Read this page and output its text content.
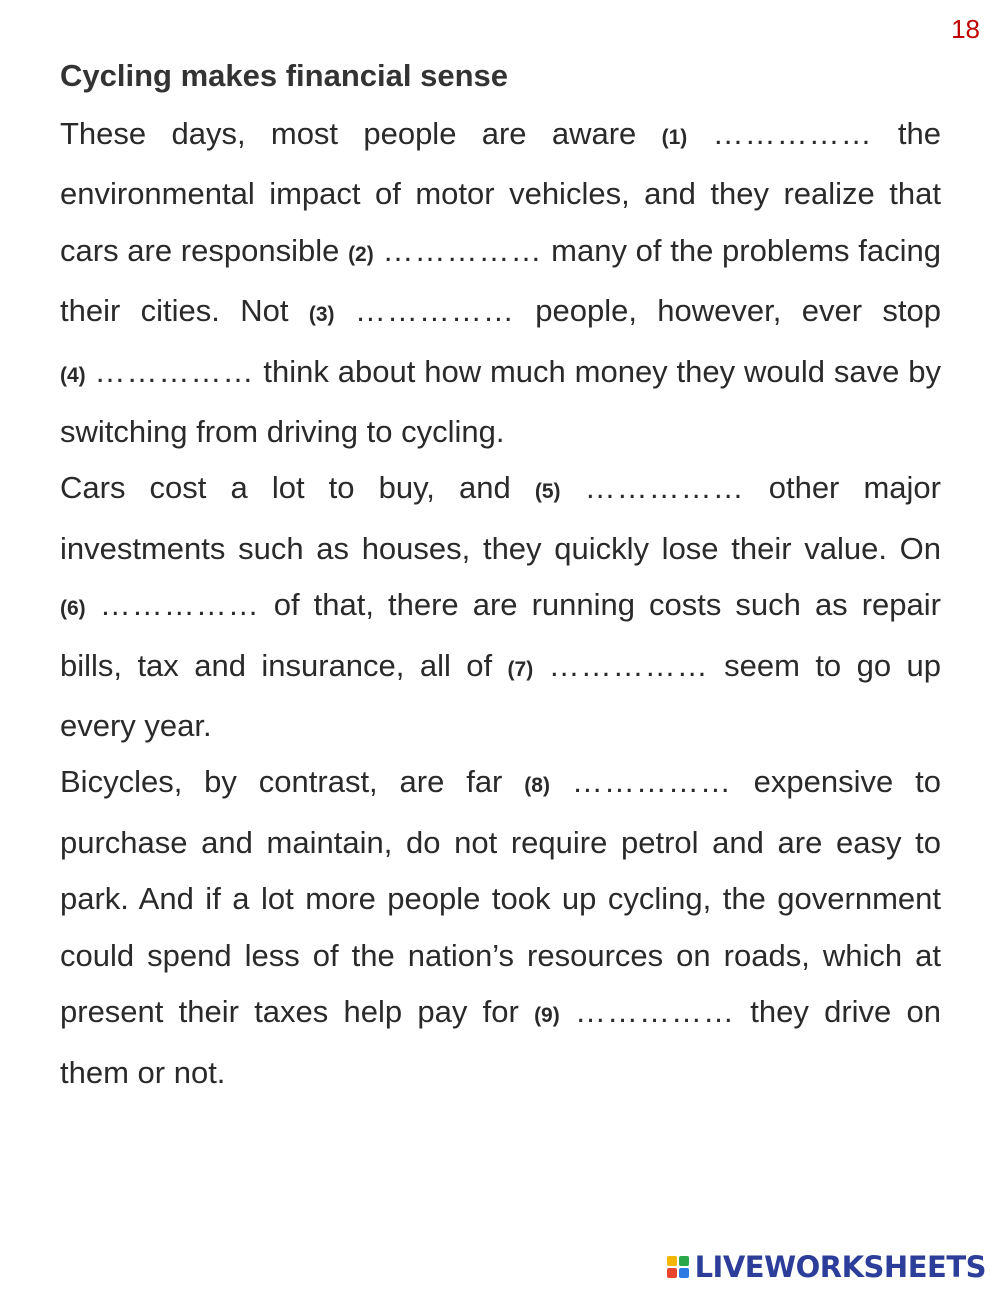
18
Cycling makes financial sense

These days, most people are aware (1) …………… the environmental impact of motor vehicles, and they realize that cars are responsible (2) …………… many of the problems facing their cities. Not (3) …………… people, however, ever stop (4) …………… think about how much money they would save by switching from driving to cycling.

Cars cost a lot to buy, and (5) …………… other major investments such as houses, they quickly lose their value. On (6) …………… of that, there are running costs such as repair bills, tax and insurance, all of (7) …………… seem to go up every year.

Bicycles, by contrast, are far (8) …………… expensive to purchase and maintain, do not require petrol and are easy to park. And if a lot more people took up cycling, the government could spend less of the nation’s resources on roads, which at present their taxes help pay for (9) …………… they drive on them or not.

LIVEWORKSHEETS
